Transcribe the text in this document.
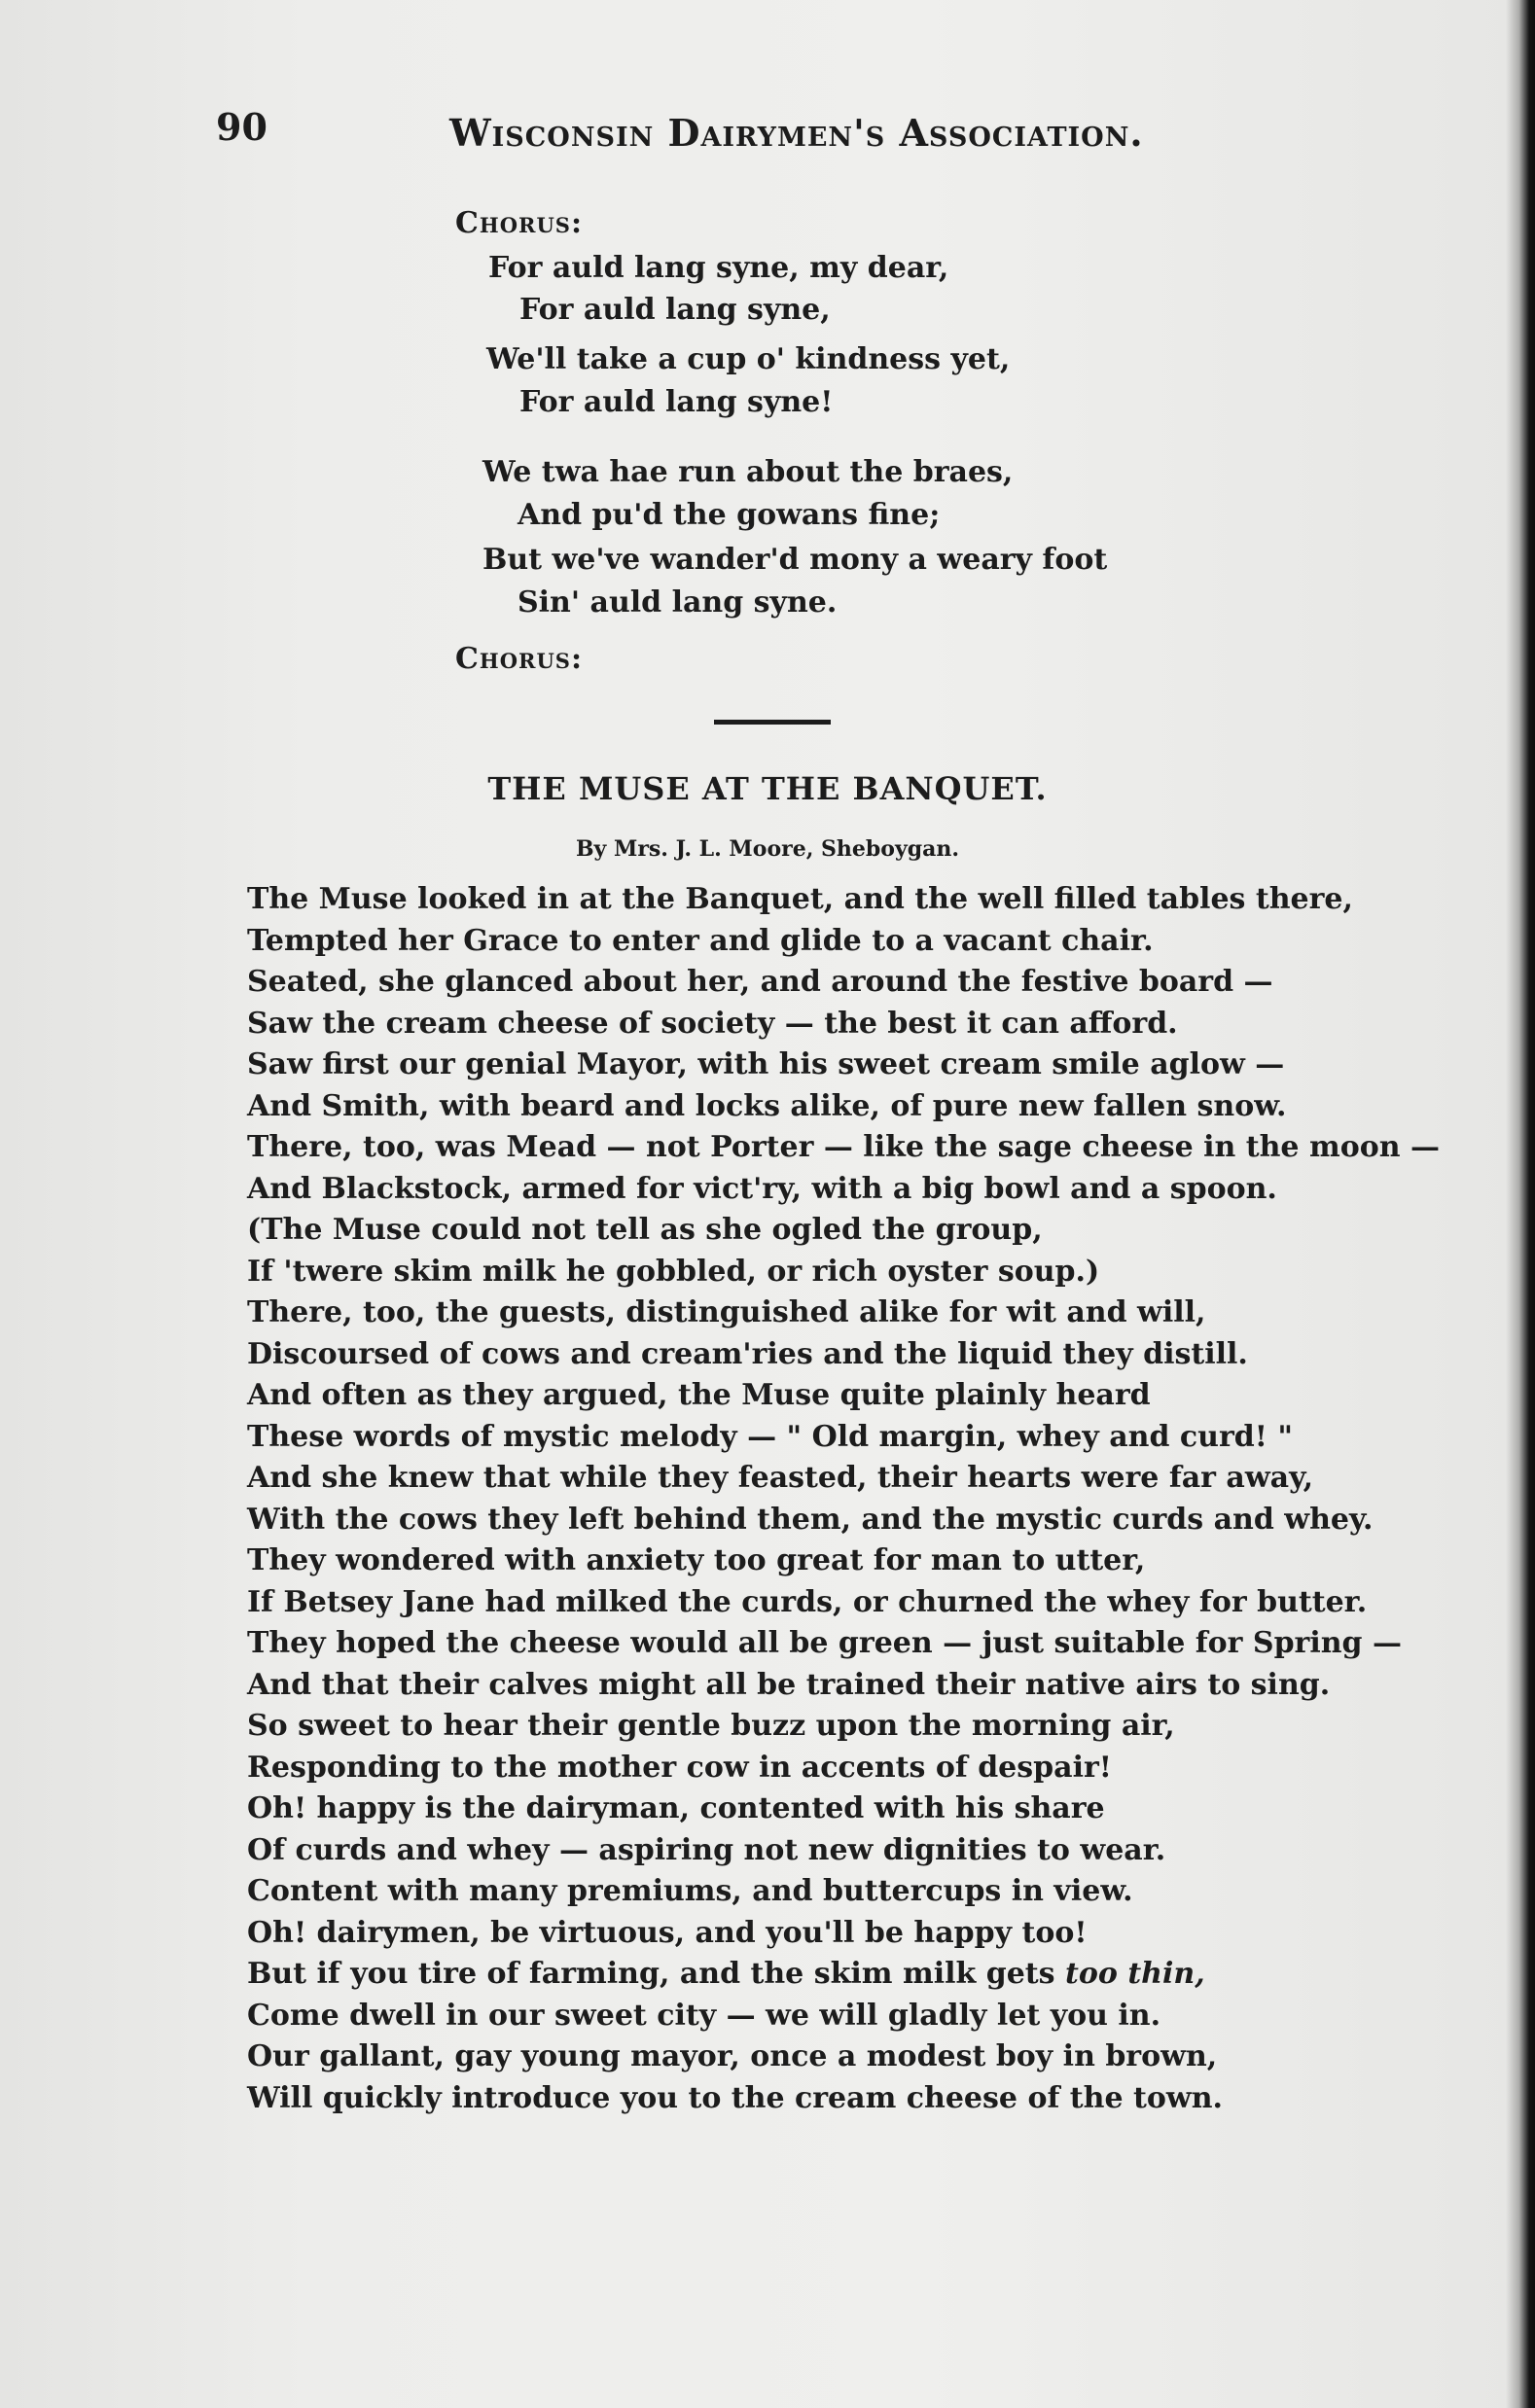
90	Wisconsin Dairymen's Association.
Chorus:
For auld lang syne, my dear,
For auld lang syne,
We'll take a cup o' kindness yet,
For auld lang syne!
We twa hae run about the braes,
And pu'd the gowans fine;
But we've wander'd mony a weary foot
Sin' auld lang syne.
Chorus:
THE MUSE AT THE BANQUET.
By Mrs. J. L. Moore, Sheboygan.
The Muse looked in at the Banquet, and the well filled tables there,
Tempted her Grace to enter and glide to a vacant chair.
Seated, she glanced about her, and around the festive board —
Saw the cream cheese of society — the best it can afford.
Saw first our genial Mayor, with his sweet cream smile aglow —
And Smith, with beard and locks alike, of pure new fallen snow.
There, too, was Mead — not Porter — like the sage cheese in the moon —
And Blackstock, armed for vict'ry, with a big bowl and a spoon.
(The Muse could not tell as she ogled the group,
If 'twere skim milk he gobbled, or rich oyster soup.)
There, too, the guests, distinguished alike for wit and will,
Discoursed of cows and cream'ries and the liquid they distill.
And often as they argued, the Muse quite plainly heard
These words of mystic melody — " Old margin, whey and curd! "
And she knew that while they feasted, their hearts were far away,
With the cows they left behind them, and the mystic curds and whey.
They wondered with anxiety too great for man to utter,
If Betsey Jane had milked the curds, or churned the whey for butter.
They hoped the cheese would all be green — just suitable for Spring —
And that their calves might all be trained their native airs to sing.
So sweet to hear their gentle buzz upon the morning air,
Responding to the mother cow in accents of despair!
Oh! happy is the dairyman, contented with his share
Of curds and whey — aspiring not new dignities to wear.
Content with many premiums, and buttercups in view.
Oh! dairymen, be virtuous, and you'll be happy too!
But if you tire of farming, and the skim milk gets too thin,
Come dwell in our sweet city — we will gladly let you in.
Our gallant, gay young mayor, once a modest boy in brown,
Will quickly introduce you to the cream cheese of the town.
